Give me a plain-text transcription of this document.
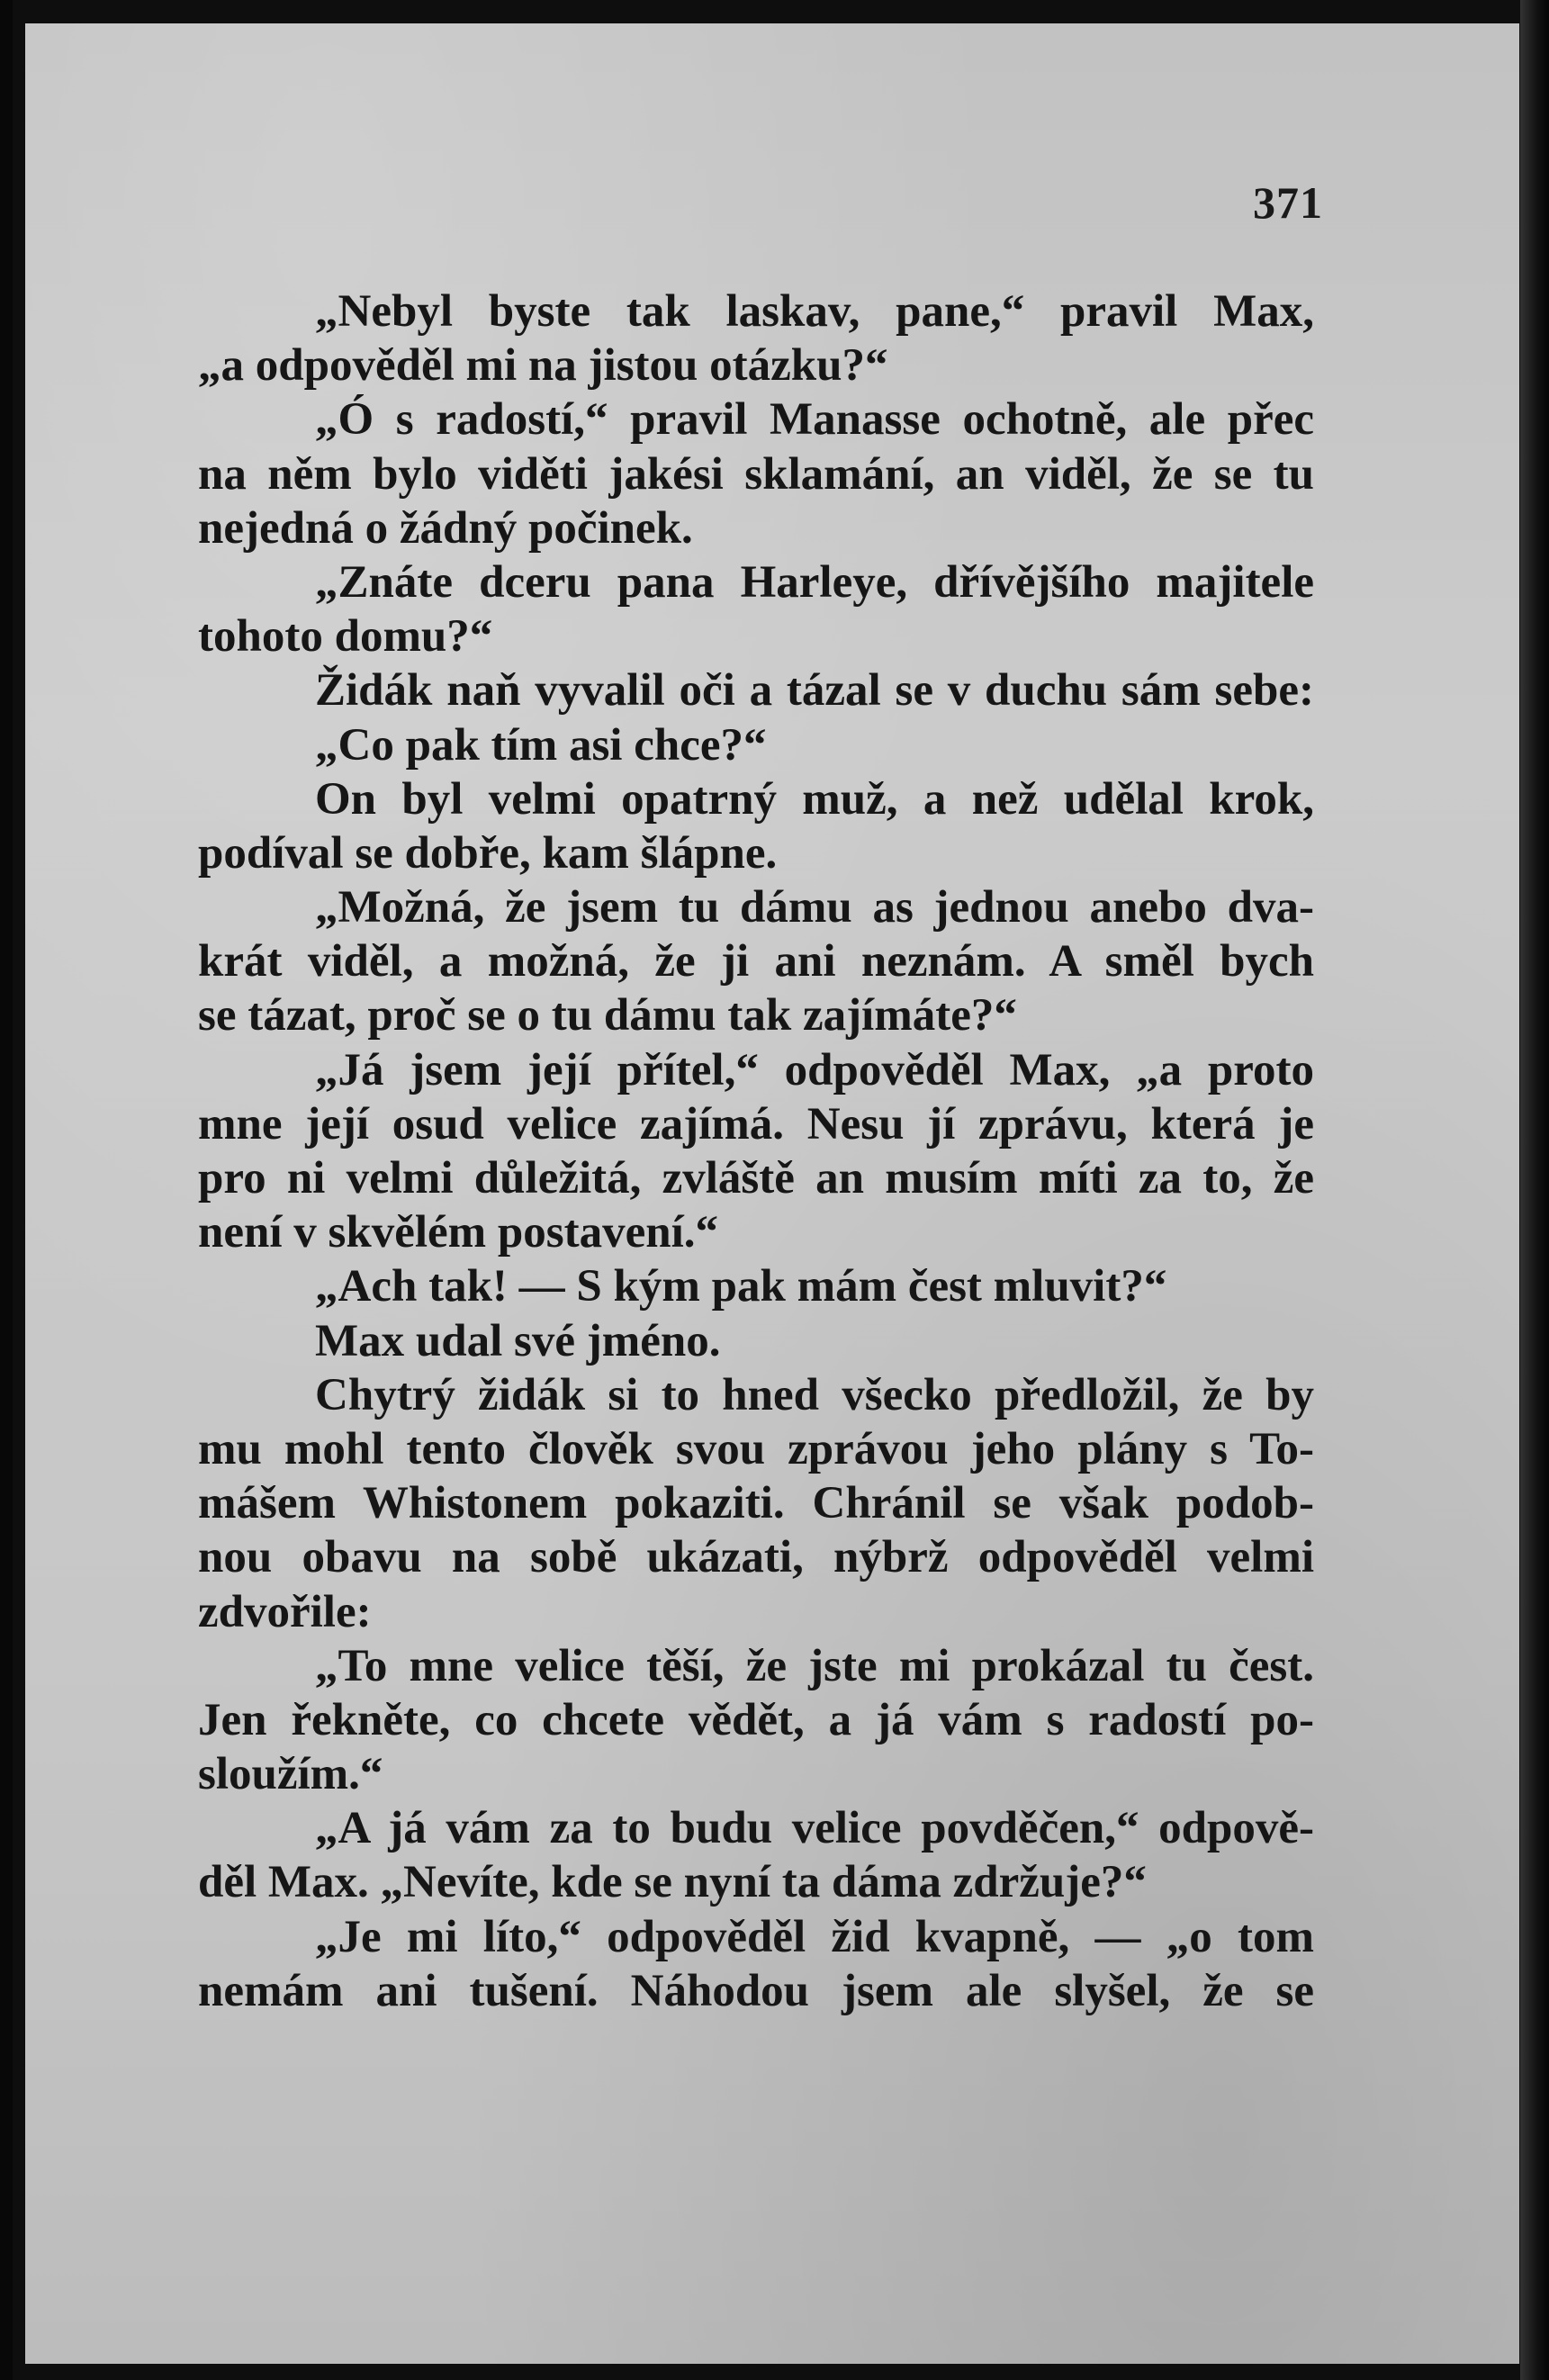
371
„Nebyl byste tak laskav, pane,“ pravil Max,
„a odpověděl mi na jistou otázku?“
„Ó s radostí,“ pravil Manasse ochotně, ale přec
na něm bylo viděti jakési sklamání, an viděl, že se tu
nejedná o žádný počinek.
„Znáte dceru pana Harleye, dřívějšího majitele
tohoto domu?“
Židák naň vyvalil oči a tázal se v duchu sám sebe:
„Co pak tím asi chce?“
On byl velmi opatrný muž, a než udělal krok,
podíval se dobře, kam šlápne.
„Možná, že jsem tu dámu as jednou anebo dva-
krát viděl, a možná, že ji ani neznám. A směl bych
se tázat, proč se o tu dámu tak zajímáte?“
„Já jsem její přítel,“ odpověděl Max, „a proto
mne její osud velice zajímá. Nesu jí zprávu, která je
pro ni velmi důležitá, zvláště an musím míti za to, že
není v skvělém postavení.“
„Ach tak! — S kým pak mám čest mluvit?“
Max udal své jméno.
Chytrý židák si to hned všecko předložil, že by
mu mohl tento člověk svou zprávou jeho plány s To-
mášem Whistonem pokaziti. Chránil se však podob-
nou obavu na sobě ukázati, nýbrž odpověděl velmi
zdvořile:
„To mne velice těší, že jste mi prokázal tu čest.
Jen řekněte, co chcete vědět, a já vám s radostí po-
sloužím.“
„A já vám za to budu velice povděčen,“ odpově-
děl Max. „Nevíte, kde se nyní ta dáma zdržuje?“
„Je mi líto,“ odpověděl žid kvapně, — „o tom
nemám ani tušení. Náhodou jsem ale slyšel, že se
